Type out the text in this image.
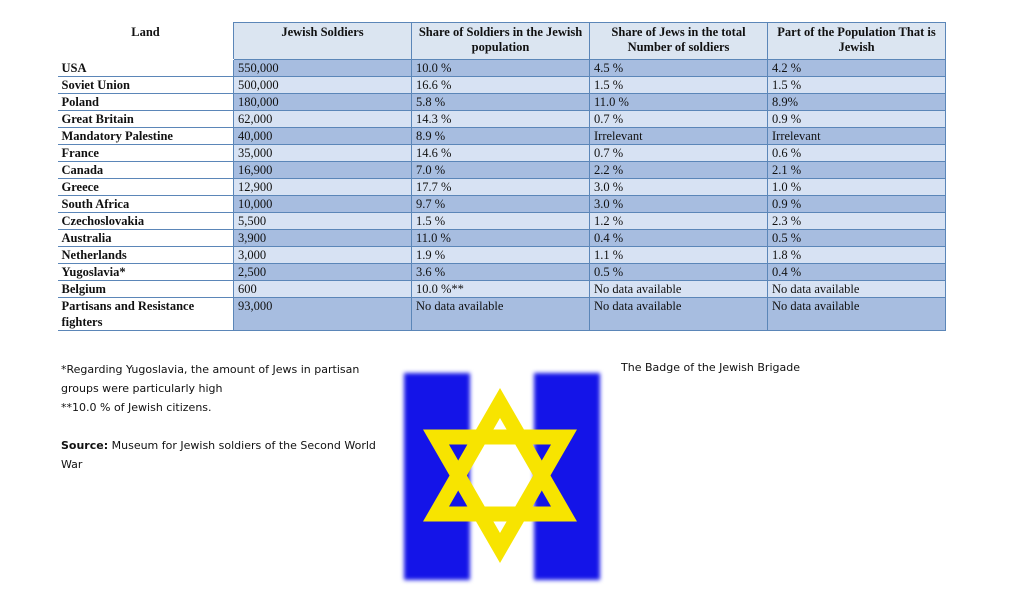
Land	Jewish Soldiers	Share of Soldiers in the Jewish population	Share of Jews in the total Number of soldiers	Part of the Population That is Jewish
USA	550,000	10.0 %	4.5 %	4.2 %
Soviet Union	500,000	16.6 %	1.5 %	1.5 %
Poland	180,000	5.8 %	11.0 %	8.9%
Great Britain	62,000	14.3 %	0.7 %	0.9 %
Mandatory Palestine	40,000	8.9 %	Irrelevant	Irrelevant
France	35,000	14.6 %	0.7 %	0.6 %
Canada	16,900	7.0 %	2.2 %	2.1 %
Greece	12,900	17.7 %	3.0 %	1.0 %
South Africa	10,000	9.7 %	3.0 %	0.9 %
Czechoslovakia	5,500	1.5 %	1.2 %	2.3 %
Australia	3,900	11.0 %	0.4 %	0.5 %
Netherlands	3,000	1.9 %	1.1 %	1.8 %
Yugoslavia*	2,500	3.6 %	0.5 %	0.4 %
Belgium	600	10.0 %**	No data available	No data available
Partisans and Resistance fighters	93,000	No data available	No data available	No data available

*Regarding Yugoslavia, the amount of Jews in partisan groups were particularly high

**10.0 % of Jewish citizens.

Source: Museum for Jewish soldiers of the Second World War

The Badge of the Jewish Brigade
